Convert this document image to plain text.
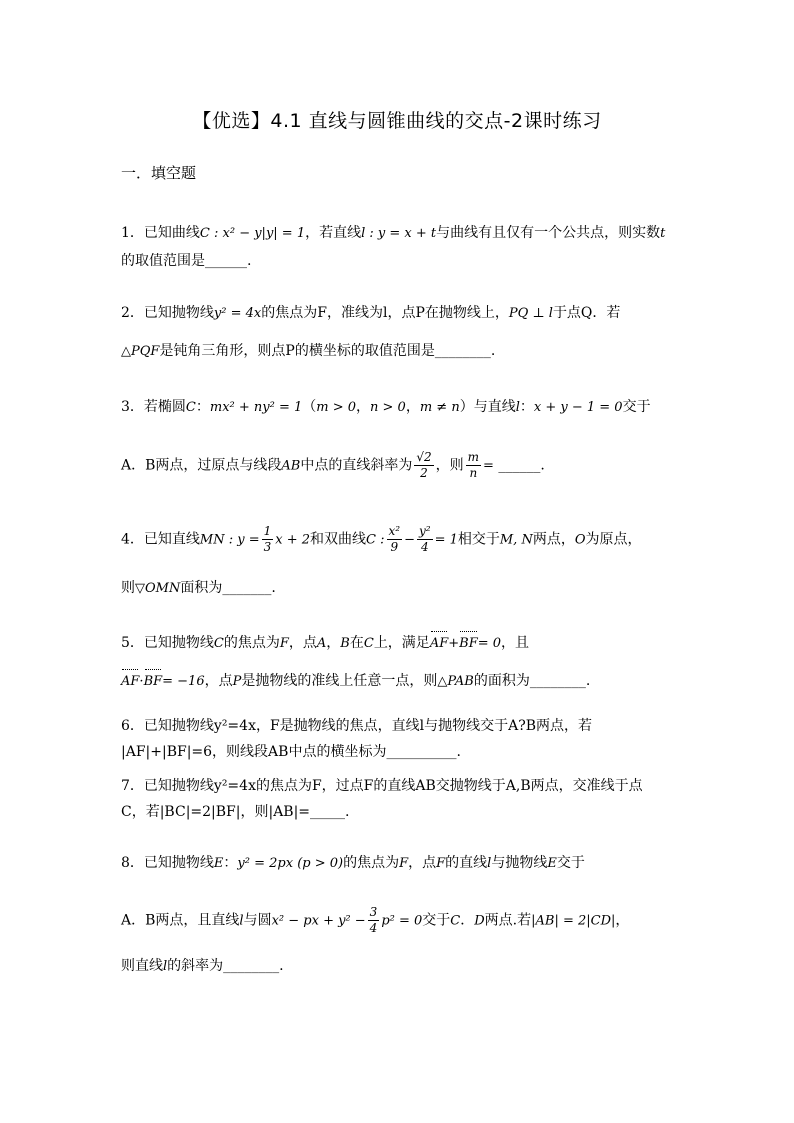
【优选】4.1 直线与圆锥曲线的交点-2课时练习
一．填空题
1．已知曲线C : x² − y|y| = 1，若直线l : y = x + t与曲线有且仅有一个公共点，则实数t
的取值范围是______.
2．已知抛物线y² = 4x的焦点为F，准线为l，点P在抛物线上，PQ ⊥ l于点Q．若
△PQF是钝角三角形，则点P的横坐标的取值范围是________.
3．若椭圆C：mx² + ny² = 1（m > 0，n > 0，m ≠ n）与直线l：x + y − 1 = 0交于
A．B两点，过原点与线段AB中点的直线斜率为 $\frac{√2}{2}$ ，则 $\frac{m}{n}$ = ______.
4．已知直线MN : $y = \frac{1}{3}$ x + 2和双曲线C : $\frac{\text{x²}}{9} - \frac{\text{y²}}{4} = 1$相交于M, N两点，O为原点，
则▽OMN面积为_______.
5．已知抛物线C的焦点为F，点A，B在C上，满足AF+BF= 0，且
AF·BF= −16，点P是抛物线的准线上任意一点，则△PAB的面积为________.
6．已知抛物线y²=4x，F是抛物线的焦点，直线l与抛物线交于A?B两点，若
|AF|+|BF|=6，则线段AB中点的横坐标为__________.
7．已知抛物线y²=4x的焦点为F，过点F的直线AB交抛物线于A,B两点，交准线于点
C，若|BC|=2|BF|，则|AB|=_____.
8．已知抛物线E：y² = 2px (p > 0)的焦点为F，点F的直线l与抛物线E交于
A．B两点，且直线l与圆x² − px + $y^2 - \frac{3}{4} p^2 = 0$交于C．D两点.若|AB| = 2|CD|，
则直线l的斜率为________.
